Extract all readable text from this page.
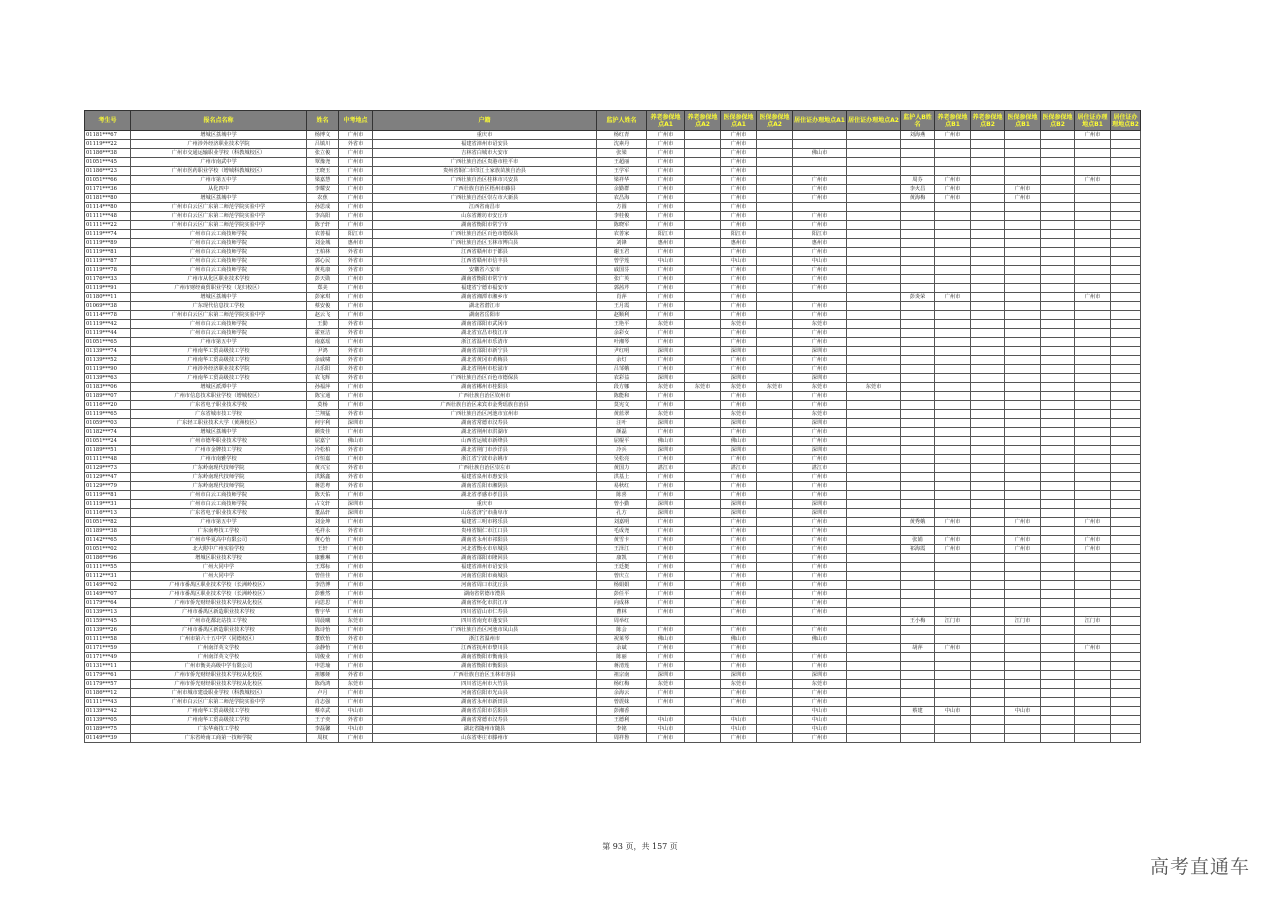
考生号	报名点名称	姓名	中考地点	户籍	监护人姓名	养老参保地点A1	养老参保地点A2	医保参保地点A1	医保参保地点A2	居住证办理地点A1	居住证办理地点A2	监护人B姓名	养老参保地点B1	养老参保地点B2	医保参保地点B1	医保参保地点B2	居住证办理地点B1	居住证办理地点B2
01181***67	增城区荔城中学	杨博文	广州市	重庆市	杨红青	广州市		广州市				刘海燕	广州市				广州市	
01119***22	广州涉外经济职业技术学院	吕镇川	外省市	福建省漳州市诏安县	沈素丹	广州市		广州市										
01186***38	广州市交通运输职业学校（科教城校区）	张立俊	广州市	吉林省白城市大安市	张梁	广州市		广州市		佛山市								
01051***45	广州市南武中学	覃豫尧	广州市	广西壮族自治区贵港市桂平市	王超丽	广州市		广州市										
01186***23	广州市医药职业学校（增城科教城校区）	王晓玉	广州市	贵州省铜仁市印江土家族苗族自治县	王学军	广州市		广州市										
01051***66	广州市第五中学	梁嘉慧	广州市	广西壮族自治区桂林市兴安县	梁祥华	广州市		广州市		广州市		周芬	广州市				广州市	
01171***36	从化四中	李耀安	广州市	广西壮族自治区梧州市藤县	余勤群	广州市		广州市		广州市		李火昌	广州市		广州市			
01181***80	增城区荔城中学	农蕉	广州市	广西壮族自治区崇左市大新县	农昌海	广州市		广州市		广州市		黄海梅	广州市		广州市			
01114***80	广州市白云区广东第二师范学院实验中学	孙思成	广州市	江西省南昌市	方圆	广州市		广州市										
01111***48	广州市白云区广东第二师范学院实验中学	李高阳	广州市	山东省潍坊市安丘市	李桂俊	广州市		广州市		广州市								
01111***22	广州市白云区广东第二师范学院实验中学	陈子轩	广州市	湖南省衡阳市常宁市	陈晓军	广州市		广州市		广州市								
01119***74	广州市白云工商技师学院	农善福	阳江市	广西壮族自治区百色市德保县	农善家	阳江市		阳江市		阳江市								
01119***89	广州市白云工商技师学院	刘金城	惠州市	广西壮族自治区玉林市博白县	刘锋	惠州市		惠州市		惠州市								
01119***81	广州市白云工商技师学院	王柏林	外省市	江西省赣州市于都县	谢玉君	广州市		广州市		广州市								
01119***87	广州市白云工商技师学院	郭心民	外省市	江西省赣州市信丰县	曾学莲	中山市		中山市		中山市								
01119***78	广州市白云工商技师学院	黄兆康	外省市	安徽省六安市	戚国芬	广州市		广州市		广州市								
01176***33	广州市从化区职业技术学校	彭天勋	广州市	湖南省衡阳市常宁市	张广英	广州市		广州市		广州市								
01119***91	广州市财经商贸职业学校（龙归校区）	郑美	广州市	福建省宁德市福安市	郭茜芹	广州市		广州市		广州市								
01180***11	增城区荔城中学	彭家琪	广州市	湖南省湘潭市湘乡市	肖萍	广州市		广州市				彭炎荣	广州市				广州市	
01069***38	广东现代信息技工学校	蔡安俊	广州市	湖北省潜江市	王月霞	广州市		广州市		广州市								
01114***78	广州市白云区广东第二师范学院实验中学	赵云飞	广州市	湖南省岳阳市	赵顺利	广州市		广州市		广州市								
01119***42	广州市白云工商技师学院	王勤	外省市	湖南省邵阳市武冈市	王艳平	东莞市		东莞市		东莞市								
01119***44	广州市白云工商技师学院	霍亚洁	外省市	湖北省宜昌市枝江市	余彩女	广州市		广州市		广州市								
01051***65	广州市第五中学	南嘉瑶	广州市	浙江省温州市乐清市	叶湘琴	广州市		广州市		广州市								
01139***74	广州南华工贸高级技工学校	尹鸿	外省市	湖南省邵阳市新宁县	尹红明	深圳市		深圳市		深圳市								
01139***52	广州南华工贸高级技工学校	余戚啸	外省市	湖北省黄冈市黄梅县	余灯	广州市		广州市		广州市								
01119***90	广州涉外经济职业技术学院	吕乐阳	外省市	湖北省荆州市松滋市	吕邹娥	广州市		广州市		广州市								
01139***63	广州南华工贸高级技工学校	农飞辉	外省市	广西壮族自治区百色市德保县	农彩益	深圳市		深圳市		深圳市								
01183***06	增城区派潭中学	孙福萍	广州市	湖南省郴州市桂阳县	段方娜	东莞市	东莞市	东莞市	东莞市	东莞市	东莞市							
01189***07	广州市信息技术职业学校（增城校区）	陈宝通	广州市	广西壮族自治区钦州市	陈能和	广州市		广州市		广州市								
01116***20	广东省电子职业技术学校	莫杨	广州市	广西壮族自治区来宾市金秀瑶族自治县	莫宪文	广州市		广州市		广州市								
01119***65	广东省城市技工学校	兰翔猛	外省市	广西壮族自治区河池市宜州市	黄蓝翠	东莞市		东莞市		东莞市								
01059***03	广东轻工职业技术大学（黄洲校区）	何宇利	深圳市	湖南省常德市汉寿县	汪叶	深圳市		深圳市		深圳市								
01182***74	增城区荔城中学	颜贵佳	广州市	湖北省荆州市洪湖市	颜磊	广州市		广州市		广州市								
01051***24	广州市德华职业技术学校	屈嘉宁	佛山市	山西省运城市新绛县	屈棍平	佛山市		佛山市		广州市								
01189***51	广州市金牌技工学校	冷松柏	外省市	湖北省荆门市沙洋县	冷兵	深圳市		深圳市		深圳市								
01111***48	广州市南雅学校	许恒嘉	广州市	浙江省宁波市余姚市	吴松亮	广州市		广州市		广州市								
01129***73	广东岭南现代技师学院	黄兴宝	外省市	广西壮族自治区崇左市	黄国力	湛江市		湛江市		湛江市								
01129***47	广东岭南现代技师学院	洪銘鑫	外省市	福建省泉州市惠安县	洪基上	广州市		广州市		广州市								
01129***79	广东岭南现代技师学院	蒋思粤	外省市	湖南省岳阳市湘阴县	易秋红	广州市		广州市		广州市								
01119***81	广州市白云工商技师学院	陈天佑	广州市	湖北省孝感市孝昌县	陈喜	广州市		广州市		广州市								
01119***31	广州市白云工商技师学院	占文轩	深圳市	重庆市	曾小勤	深圳市		深圳市		深圳市								
01116***13	广东省电子职业技术学校	董品轩	深圳市	山东省济宁市曲阜市	孔方	深圳市		深圳市		深圳市								
01051***82	广州市第五中学	刘金坤	广州市	福建省三明市将乐县	刘嘉明	广州市		广州市		广州市		黄秀娥	广州市		广州市		广州市	
01189***38	广东南粤技工学校	毛祥永	外省市	贵州省铜仁市江口县	毛成尧	广州市		广州市		广州市								
01142***65	广州市华夏高中有限公司	黄心怡	广州市	湖南省永州市祁阳县	黄雪卡	广州市		广州市		广州市		张娟	广州市		广州市		广州市	
01051***02	北大附中广州实验学校	王轩	广州市	河北省衡水市阜城县	王泽江	广州市		广州市		广州市		祁海霞	广州市		广州市		广州市	
01186***96	增城区职业技术学校	康雅琳	广州市	湖南省邵阳市隆回县	康凯	广州市		广州市		广州市								
01111***55	广州大同中学	王郑标	广州市	福建省漳州市诏安县	王廷挺	广州市		广州市		广州市								
01112***31	广州大同中学	曾佳佳	广州市	河南省信阳市商城县	曾庆立	广州市		广州市		广州市								
01149***02	广州市番禺区职业技术学校（长洲岭校区）	李浩博	广州市	河南省周口市沈丘县	杨娟娟	广州市		广州市		广州市								
01149***07	广州市番禺区职业技术学校（长洲岭校区）	彭雅然	广州市	湖南省常德市澧县	彭任平	广州市		广州市		广州市								
01179***64	广州市侨光财经职业技术学校从化校区	向思思	广州市	湖南省怀化市洪江市	向成林	广州市		广州市		广州市								
01139***13	广州市番禺区新造职业技术学校	曹宇华	广州市	四川省眉山市仁寿县	曹林	广州市		广州市		广州市								
01159***45	广州市花都北站技工学校	周晨曦	东莞市	四川省南充市蓬安县	周举红							王小梅	江门市		江门市		江门市	
01139***26	广州市番禺区新造职业技术学校	陈诗怡	广州市	广西壮族自治区河池市凤山县	陈会	广州市		广州市		广州市								
01111***58	广州市第六十五中学（同德校区）	董欣怡	外省市	浙江省温州市	祝莱琴	佛山市		佛山市		佛山市								
01171***59	广州南洋英文学校	余静怡	广州市	江西省抚州市黎川县	余斌	广州市		广州市				胡萍	广州市				广州市	
01171***49	广州南洋英文学校	周俊业	广州市	湖南省衡阳市衡南县	陈丽	广州市		广州市		广州市								
01131***11	广州市衡美高级中学有限公司	申思瑜	广州市	湖南省衡阳市衡阳县	蒋清莲	广州市		广州市		广州市								
01179***61	广州市侨光财经职业技术学校从化校区	祖娜娅	外省市	广西壮族自治区玉林市容县	祖宗南	深圳市		深圳市		深圳市								
01179***57	广州市侨光财经职业技术学校从化校区	陈尚鸿	东莞市	四川省达州市大竹县	杨红梅	东莞市		东莞市		东莞市								
01186***12	广州市城市建设职业学校（科教城校区）	卢月	广州市	河南省信阳市光山县	余海云	广州市		广州市		广州市								
01111***43	广州市白云区广东第二师范学院实验中学	肖志强	广州市	湖南省永州市新田县	曾震妹	广州市		广州市		广州市								
01139***42	广州南华工贸高级技工学校	蔡卓武	中山市	湖南省岳阳市岳阳县	彭湘香					中山市		蔡建	中山市		中山市			
01139***05	广州南华工贸高级技工学校	王子奕	外省市	湖南省常德市汉寿县	王德利	中山市		中山市		中山市								
01189***75	广东华商技工学校	李磊馨	中山市	湖北省随州市随县	李铭	中山市		中山市		中山市								
01149***39	广东省岭南工商第一技师学院	周权	广州市	山东省枣庄市滕州市	周祥鲁	广州市		广州市		广州市								
第 93 页，共 157 页
高考直通车
